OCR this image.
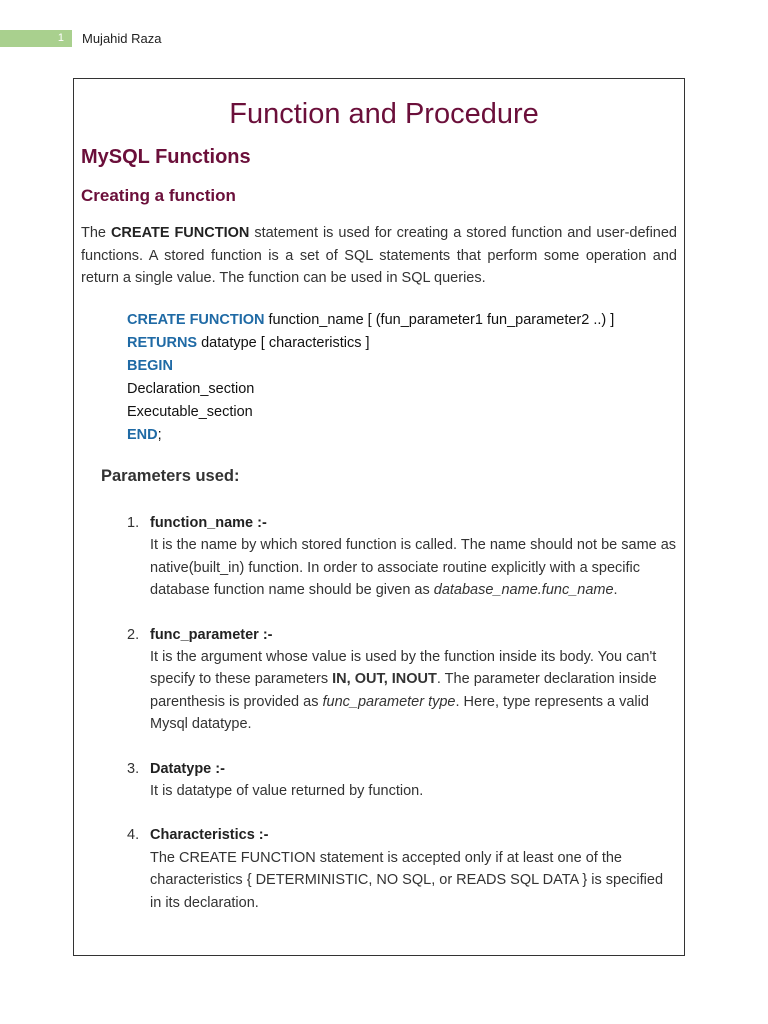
1	Mujahid Raza
Function and Procedure
MySQL Functions
Creating a function
The CREATE FUNCTION statement is used for creating a stored function and user-defined functions. A stored function is a set of SQL statements that perform some operation and return a single value. The function can be used in SQL queries.
CREATE FUNCTION function_name [ (fun_parameter1 fun_parameter2 ..) ]
RETURNS datatype [ characteristics ]
BEGIN
Declaration_section
Executable_section
END;
Parameters used:
1. function_name :-
It is the name by which stored function is called. The name should not be same as native(built_in) function. In order to associate routine explicitly with a specific database function name should be given as database_name.func_name.
2. func_parameter :-
It is the argument whose value is used by the function inside its body. You can't specify to these parameters IN, OUT, INOUT. The parameter declaration inside parenthesis is provided as func_parameter type. Here, type represents a valid Mysql datatype.
3. Datatype :-
It is datatype of value returned by function.
4. Characteristics :-
The CREATE FUNCTION statement is accepted only if at least one of the characteristics { DETERMINISTIC, NO SQL, or READS SQL DATA } is specified in its declaration.
